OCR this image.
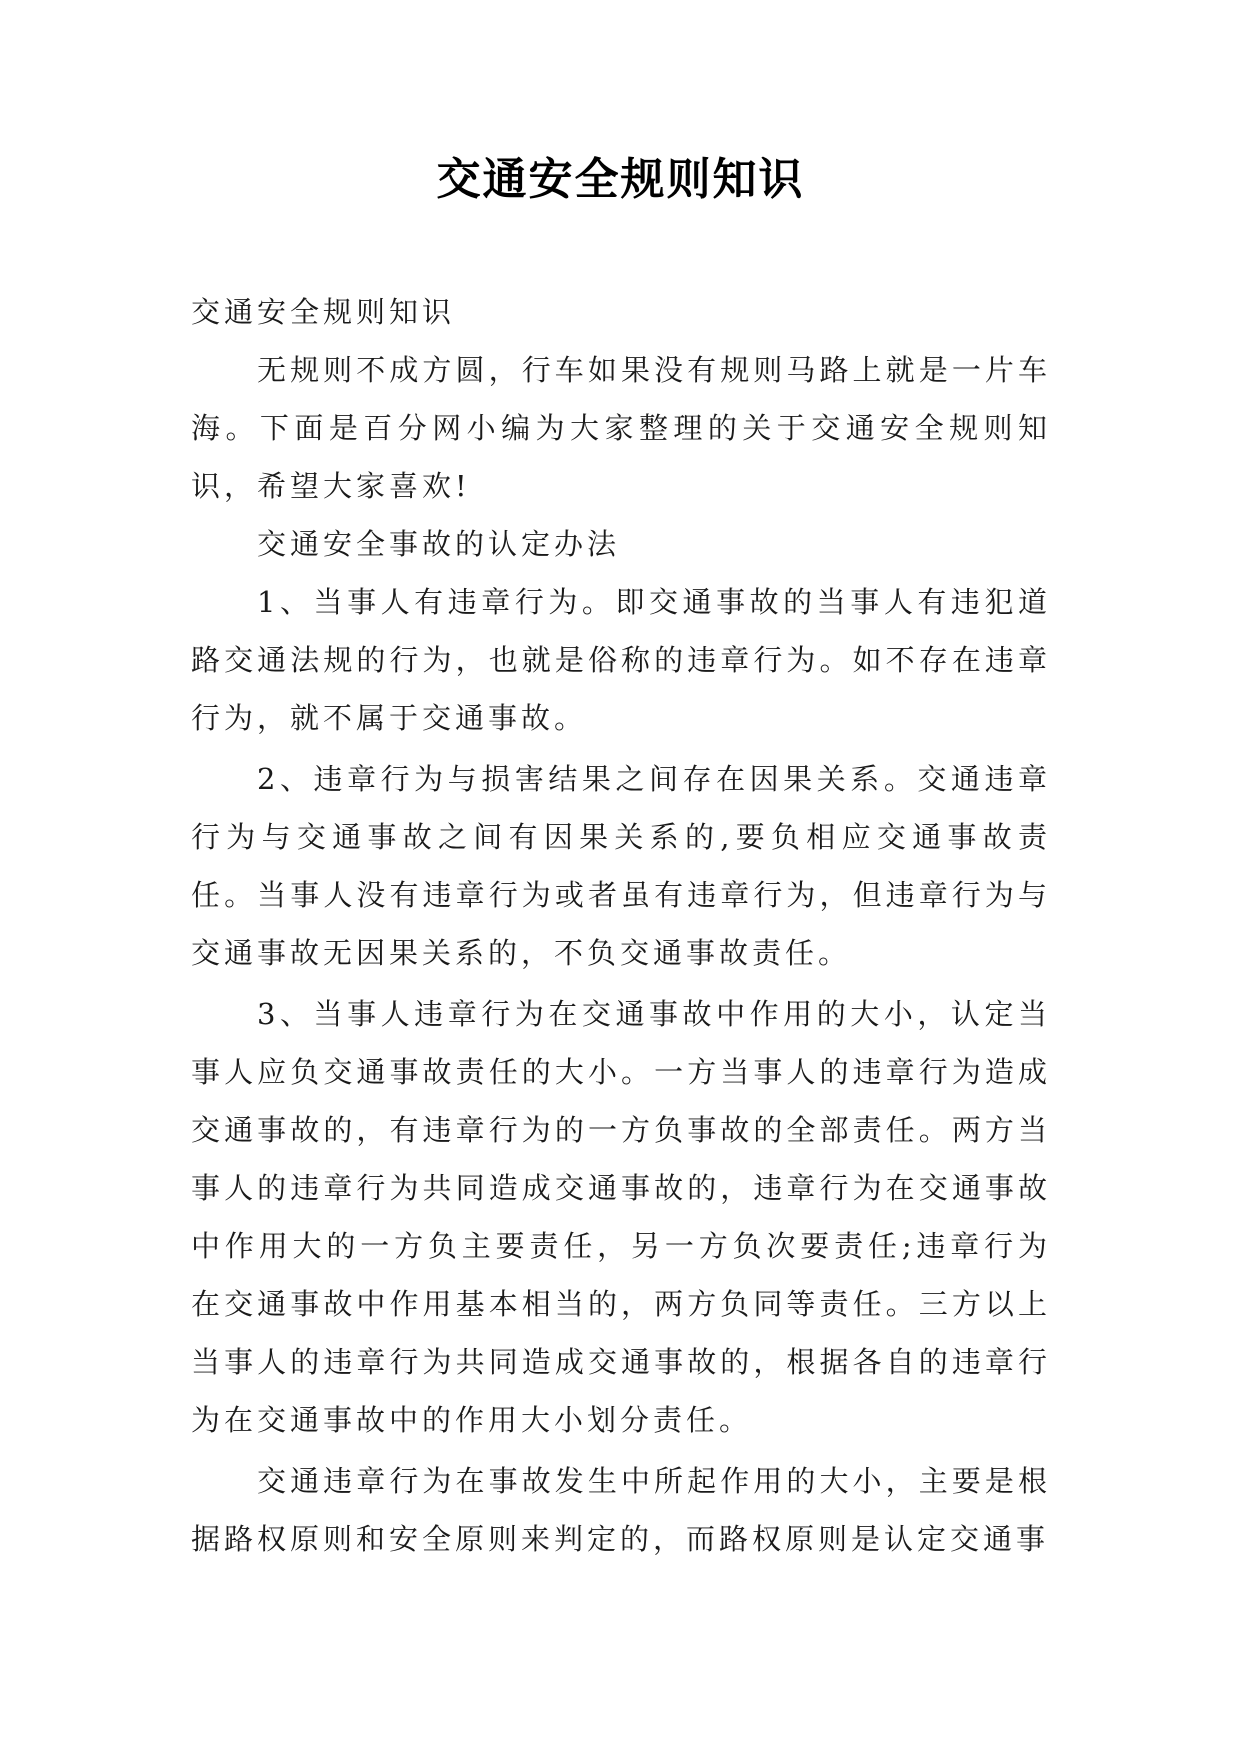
交通安全规则知识

交通安全规则知识

无规则不成方圆，行车如果没有规则马路上就是一片车海。下面是百分网小编为大家整理的关于交通安全规则知识，希望大家喜欢!

交通安全事故的认定办法

1、当事人有违章行为。即交通事故的当事人有违犯道路交通法规的行为，也就是俗称的违章行为。如不存在违章行为，就不属于交通事故。

2、违章行为与损害结果之间存在因果关系。交通违章行为与交通事故之间有因果关系的,要负相应交通事故责任。当事人没有违章行为或者虽有违章行为，但违章行为与交通事故无因果关系的，不负交通事故责任。

3、当事人违章行为在交通事故中作用的大小，认定当事人应负交通事故责任的大小。一方当事人的违章行为造成交通事故的，有违章行为的一方负事故的全部责任。两方当事人的违章行为共同造成交通事故的，违章行为在交通事故中作用大的一方负主要责任，另一方负次要责任;违章行为在交通事故中作用基本相当的，两方负同等责任。三方以上当事人的违章行为共同造成交通事故的，根据各自的违章行为在交通事故中的作用大小划分责任。

交通违章行为在事故发生中所起作用的大小，主要是根据路权原则和安全原则来判定的，而路权原则是认定交通事
